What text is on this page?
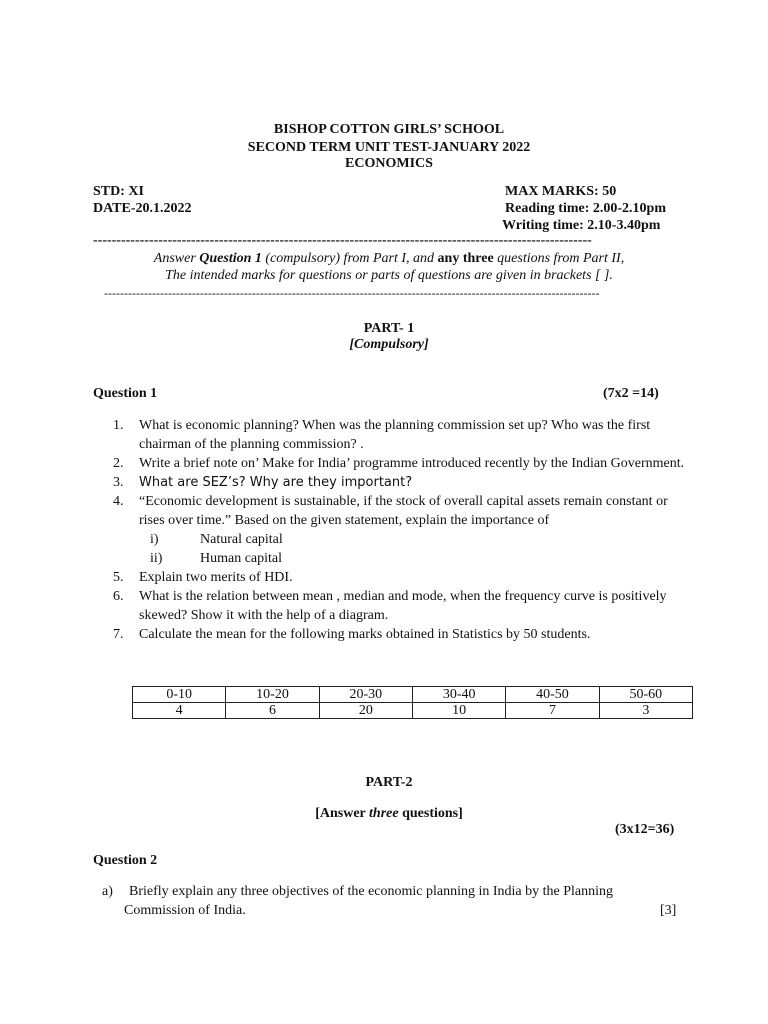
BISHOP COTTON GIRLS’ SCHOOL
SECOND TERM UNIT TEST-JANUARY 2022
ECONOMICS
STD: XI
DATE-20.1.2022
MAX MARKS: 50
Reading time: 2.00-2.10pm
Writing time: 2.10-3.40pm
-----------------------------------------------------------------------------------------------------------
Answer Question 1 (compulsory) from Part I, and any three questions from Part II,
The intended marks for questions or parts of questions are given in brackets [ ].
----------------------------------------------------------------------------------------------------------------------------
PART- 1
[Compulsory]
Question 1	(7x2 =14)
1. What is economic planning? When was the planning commission set up? Who was the first chairman of the planning commission? .
2. Write a brief note on’ Make for India’ programme introduced recently by the Indian Government.
3. What are SEZ’s? Why are they important?
4. “Economic development is sustainable, if the stock of overall capital assets remain constant or rises over time.” Based on the given statement, explain the importance of
i)	Natural capital
ii)	Human capital
5. Explain two merits of HDI.
6. What is the relation between mean , median and mode, when the frequency curve is positively skewed? Show it with the help of a diagram.
7. Calculate the mean for the following marks obtained in Statistics by 50 students.
0-10	10-20	20-30	30-40	40-50	50-60
4	6	20	10	7	3
PART-2
[Answer three questions]
(3x12=36)
Question 2
a) Briefly explain any three objectives of the economic planning in India by the Planning
Commission of India.	[3]
